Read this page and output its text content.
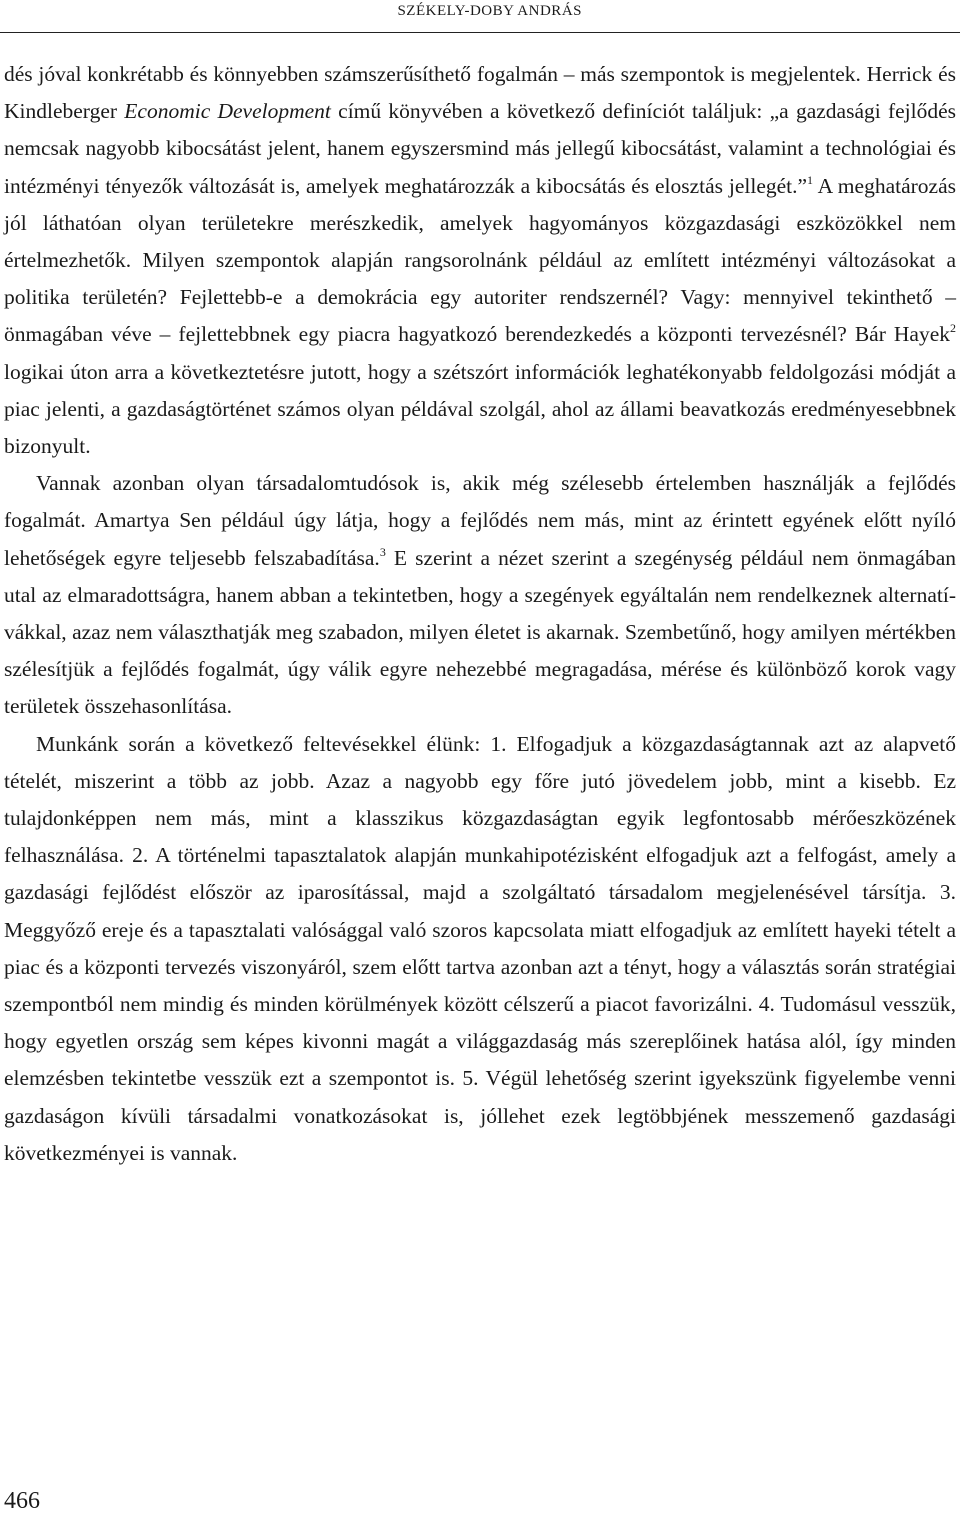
SZÉKELY-DOBY ANDRÁS

dés jóval konkrétabb és könnyebben számszerűsíthető fogalmán – más szempontok is megjelentek. Herrick és Kindleberger Economic Development című könyvében a következő definíciót találjuk: „a gazdasági fejlődés nemcsak nagyobb kibocsátást jelent, hanem egyszersmind más jellegű kibocsátást, valamint a technológiai és intézményi tényezők változását is, amelyek meghatározzák a kibocsátás és elosztás jellegét.”$^1$ A meghatározás jól láthatóan olyan területekre merészkedik, amelyek hagyományos közgazdasági eszközökkel nem értelmezhetők. Milyen szempontok alapján rangsorolnánk például az említett intézményi változásokat a politika területén? Fejlettebb-e a demokrácia egy autoriter rendszernél? Vagy: mennyivel tekinthető – önmagában véve – fejlettebbnek egy piacra hagyatkozó berendezkedés a központi tervezésnél? Bár Hayek$^2$ logikai úton arra a következtetésre jutott, hogy a szétszórt információk leghatékonyabb feldolgozási módját a piac jelenti, a gazdaságtörténet számos olyan példával szolgál, ahol az állami beavatkozás eredményesebbnek bizonyult.

Vannak azonban olyan társadalomtudósok is, akik még szélesebb értelemben használják a fejlődés fogalmát. Amartya Sen például úgy látja, hogy a fejlődés nem más, mint az érintett egyének előtt nyíló lehetőségek egyre teljesebb felszabadítása.$^3$ E szerint a nézet szerint a szegénység például nem önmagában utal az elmaradottságra, hanem abban a tekintetben, hogy a szegények egyáltalán nem rendelkeznek alternatívákkal, azaz nem választhatják meg szabadon, milyen életet is akarnak. Szembetűnő, hogy amilyen mértékben szélesítjük a fejlődés fogalmát, úgy válik egyre nehezebbé megragadása, mérése és különböző korok vagy területek összehasonlítása.

Munkánk során a következő feltevésekkel élünk: 1. Elfogadjuk a közgazdaságtannak azt az alapvető tételét, miszerint a több az jobb. Azaz a nagyobb egy főre jutó jövedelem jobb, mint a kisebb. Ez tulajdonképpen nem más, mint a klasszikus közgazdaságtan egyik legfontosabb mérőeszközének felhasználása. 2. A történelmi tapasztalatok alapján munkahipotézisként elfogadjuk azt a felfogást, amely a gazdasági fejlődést először az iparosítással, majd a szolgáltató társadalom megjelenésével társítja. 3. Meggyőző ereje és a tapasztalati valósággal való szoros kapcsolata miatt elfogadjuk az említett hayeki tételt a piac és a központi tervezés viszonyáról, szem előtt tartva azonban azt a tényt, hogy a választás során stratégiai szempontból nem mindig és minden körülmények között célszerű a piacot favorizálni. 4. Tudomásul vesszük, hogy egyetlen ország sem képes kivonni magát a világgazdaság más szereplőinek hatása alól, így minden elemzésben tekintetbe vesszük ezt a szempontot is. 5. Végül lehetőség szerint igyekszünk figyelembe venni gazdaságon kívüli társadalmi vonatkozásokat is, jóllehet ezek legtöbbjének messzemenő gazdasági következményei is vannak.

466
